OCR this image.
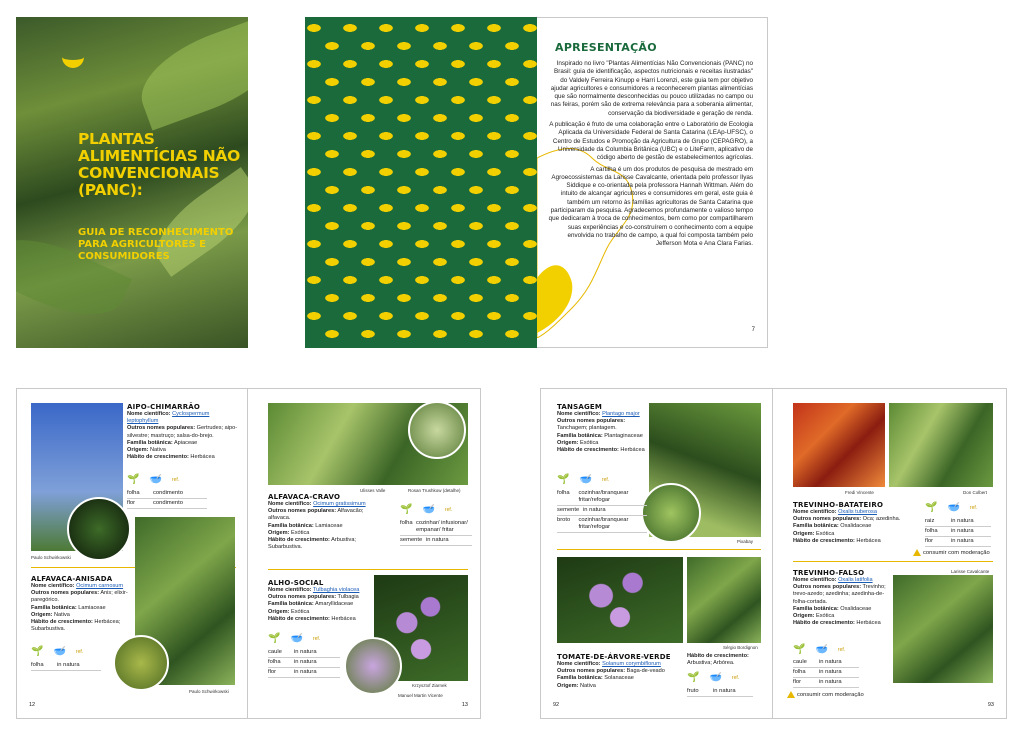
PLANTAS ALIMENTÍCIAS NÃO CONVENCIONAIS (PANC):
GUIA DE RECONHECIMENTO PARA AGRICULTORES E CONSUMIDORES
APRESENTAÇÃO

Inspirado no livro "Plantas Alimentícias Não Convencionais (PANC) no Brasil: guia de identificação, aspectos nutricionais e receitas ilustradas" do Valdely Ferreira Kinupp e Harri Lorenzi, este guia tem por objetivo ajudar agricultores e consumidores a reconhecerem plantas alimentícias que são normalmente desconhecidas ou pouco utilizadas no campo ou nas feiras, porém são de extrema relevância para a soberania alimentar, conservação da biodiversidade e geração de renda.

A publicação é fruto de uma colaboração entre o Laboratório de Ecologia Aplicada da Universidade Federal de Santa Catarina (LEAp-UFSC), o Centro de Estudos e Promoção da Agricultura de Grupo (CEPAGRO), a Universidade da Columbia Britânica (UBC) e o LiteFarm, aplicativo de código aberto de gestão de estabelecimentos agrícolas.

A cartilha é um dos produtos de pesquisa de mestrado em Agroecossistemas da Larisse Cavalcante, orientada pelo professor Ilyas Siddique e co-orientada pela professora Hannah Wittman. Além do intuito de alcançar agricultores e consumidores em geral, este guia é também um retorno às famílias agricultoras de Santa Catarina que participaram da pesquisa. Agradecemos profundamente o valioso tempo que dedicaram à troca de conhecimentos, bem como por compartilharem suas experiências e co-construírem o conhecimento com a equipe envolvida no trabalho de campo, a qual foi composta também pelo Jefferson Mota e Ana Clara Farias.

7
Paulo Schwirkowski
AIPO-CHIMARRÃO
Nome científico: Cyclospermum leptophyllum
Outros nomes populares: Gertrudes; aipo-silvestre; mastruço; salsa-do-brejo.
Família botânica: Apiaceae
Origem: Nativa
Hábito de crescimento: Herbácea
🌱 🥣 ref.
folha	condimento
flor	condimento
Paulo Schwirkowski
ALFAVACA-ANISADA
Nome científico: Ocimum carnosum
Outros nomes populares: Anis; elixir-paregórico.
Família botânica: Lamiaceae
Origem: Nativa
Hábito de crescimento: Herbácea; Subarbustiva.
🌱 🥣 ref.
folha	in natura
12
Ulisses Valle	Rosan Trushkow (detalhe)
ALFAVACA-CRAVO
Nome científico: Ocimum gratissimum
Outros nomes populares: Alfavacão; alfavaca.
Família botânica: Lamiaceae
Origem: Exótica
Hábito de crescimento: Arbustiva; Subarbustiva.
🌱 🥣 ref.
folha cozinhar/ infusionar/ empanar/ fritar
semente in natura
ALHO-SOCIAL
Nome científico: Tulbaghia violacea
Outros nomes populares: Tulbagia
Família botânica: Amaryllidaceae
Origem: Exótica
Hábito de crescimento: Herbácea
🌱 🥣 ref.
caule	in natura
folha	in natura
flor	in natura
Krzysztof Ziarnek
Manuel Martin Vicente
13
Pixabay
TANSAGEM
Nome científico: Plantago major
Outros nomes populares: Tanchagem; plantagem.
Família botânica: Plantaginaceae
Origem: Exótica
Hábito de crescimento: Herbácea
🌱 🥣 ref.
folha	cozinhar/branquear fritar/refogar
semente in natura
broto	cozinhar/branquear fritar/refogar
Sérgio Bordignon
TOMATE-DE-ÁRVORE-VERDE
Nome científico: Solanum corymbiflorum
Outros nomes populares: Baga-de-veado
Família botânica: Solanaceae
Origem: Nativa
Hábito de crescimento:
Arbustiva; Arbórea.
🌱 🥣 ref.
fruto	in natura
92
Fredi Vincente	Don Colbert
TREVINHO-BATATEIRO
Nome científico: Oxalis tuberosa
Outros nomes populares: Oca; azedinha.
Família botânica: Oxalidaceae
Origem: Exótica
Hábito de crescimento: Herbácea
🌱 🥣 ref.
raiz	in natura
folha	in natura
flor	in natura
consumir com moderação
TREVINHO-FALSO
Nome científico: Oxalis latifolia
Outros nomes populares: Trevinho; trevo-azedo; azedinha; azedinha-de-folha-cortada.
Família botânica: Oxalidaceae
Origem: Exótica
Hábito de crescimento: Herbácea
🌱 🥣 ref.
caule	in natura
folha	in natura
flor	in natura
consumir com moderação
Larisse Cavalcante
93
